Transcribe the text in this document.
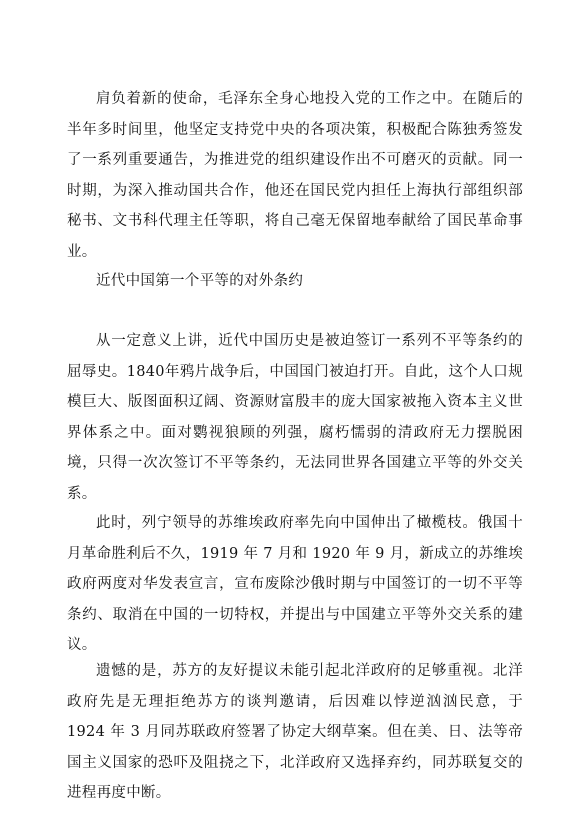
肩负着新的使命，毛泽东全身心地投入党的工作之中。在随后的半年多时间里，他坚定支持党中央的各项决策，积极配合陈独秀签发了一系列重要通告，为推进党的组织建设作出不可磨灭的贡献。同一时期，为深入推动国共合作，他还在国民党内担任上海执行部组织部秘书、文书科代理主任等职，将自己毫无保留地奉献给了国民革命事业。

近代中国第一个平等的对外条约

从一定意义上讲，近代中国历史是被迫签订一系列不平等条约的屈辱史。1840年鸦片战争后，中国国门被迫打开。自此，这个人口规模巨大、版图面积辽阔、资源财富殷丰的庞大国家被拖入资本主义世界体系之中。面对鹦视狼顾的列强，腐朽懦弱的清政府无力摆脱困境，只得一次次签订不平等条约，无法同世界各国建立平等的外交关系。

此时，列宁领导的苏维埃政府率先向中国伸出了橄榄枝。俄国十月革命胜利后不久，1919 年 7 月和 1920 年 9 月，新成立的苏维埃政府两度对华发表宣言，宣布废除沙俄时期与中国签订的一切不平等条约、取消在中国的一切特权，并提出与中国建立平等外交关系的建议。

遗憾的是，苏方的友好提议未能引起北洋政府的足够重视。北洋政府先是无理拒绝苏方的谈判邀请，后因难以悖逆汹汹民意，于 1924 年 3 月同苏联政府签署了协定大纲草案。但在美、日、法等帝国主义国家的恐吓及阻挠之下，北洋政府又选择弃约，同苏联复交的进程再度中断。
